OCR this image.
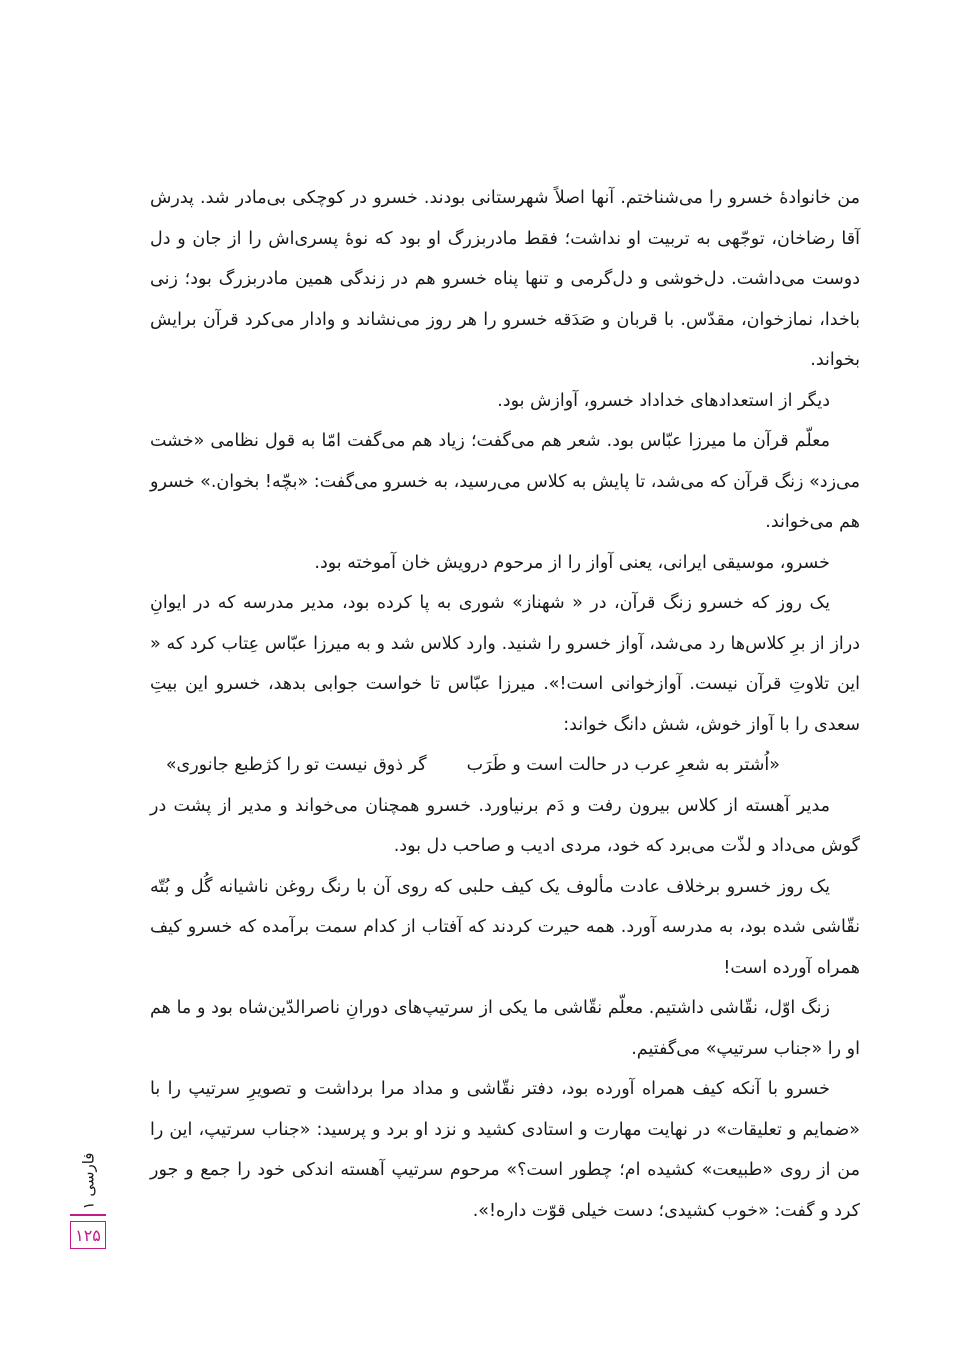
من خانوادهٔ خسرو را می‌شناختم. آنها اصلاً شهرستانی بودند. خسرو در کوچکی بی‌مادر شد. پدرش آقا رضاخان، توجّهی به تربیت او نداشت؛ فقط مادربزرگ او بود که نوهٔ پسری‌اش را از جان و دل دوست می‌داشت. دل‌خوشی و دل‌گرمی و تنها پناه خسرو هم در زندگی همین مادربزرگ بود؛ زنی باخدا، نمازخوان، مقدّس. با قربان و صَدَقه خسرو را هر روز می‌نشاند و وادار می‌کرد قرآن برایش بخواند.

دیگر از استعدادهای خداداد خسرو، آوازش بود.

معلّم قرآن ما میرزا عبّاس بود. شعر هم می‌گفت؛ زیاد هم می‌گفت امّا به قول نظامی «خشت می‌زد» زنگ قرآن که می‌شد، تا پایش به کلاس می‌رسید، به خسرو می‌گفت: «بچّه! بخوان.» خسرو هم می‌خواند.

خسرو، موسیقی ایرانی، یعنی آواز را از مرحوم درویش خان آموخته بود.

یک روز که خسرو زنگ قرآن، در « شهناز» شوری به پا کرده بود، مدیر مدرسه که در ایوانِ دراز از برِ کلاس‌ها رد می‌شد، آواز خسرو را شنید. وارد کلاس شد و به میرزا عبّاس عِتاب کرد که « این تلاوتِ قرآن نیست. آوازخوانی است!». میرزا عبّاس تا خواست جوابی بدهد، خسرو این بیتِ سعدی را با آواز خوش، شش دانگ خواند:

«اُشتر به شعرِ عرب در حالت است و طَرَب
گر ذوق نیست تو را کژطبع جانوری»

مدیر آهسته از کلاس بیرون رفت و دَم برنیاورد. خسرو همچنان می‌خواند و مدیر از پشت در گوش می‌داد و لذّت می‌برد که خود، مردی ادیب و صاحب دل بود.

یک روز خسرو برخلاف عادت مألوف یک کیف حلبی که روی آن با رنگ روغن ناشیانه گُل و بُتّه نقّاشی شده بود، به مدرسه آورد. همه حیرت کردند که آفتاب از کدام سمت برآمده که خسرو کیف همراه آورده است!

زنگ اوّل، نقّاشی داشتیم. معلّم نقّاشی ما یکی از سرتیپ‌های دورانِ ناصرالدّین‌شاه بود و ما هم او را «جناب سرتیپ» می‌گفتیم.

خسرو با آنکه کیف همراه آورده بود، دفتر نقّاشی و مداد مرا برداشت و تصویرِ سرتیپ را با «ضمایم و تعلیقات» در نهایت مهارت و استادی کشید و نزد او برد و پرسید: «جناب سرتیپ، این را من از روی «طبیعت» کشیده ام؛ چطور است؟» مرحوم سرتیپ آهسته اندکی خود را جمع و جور کرد و گفت: «خوب کشیدی؛ دست خیلی قوّت داره!».

فارسی ۱
۱۲۵
